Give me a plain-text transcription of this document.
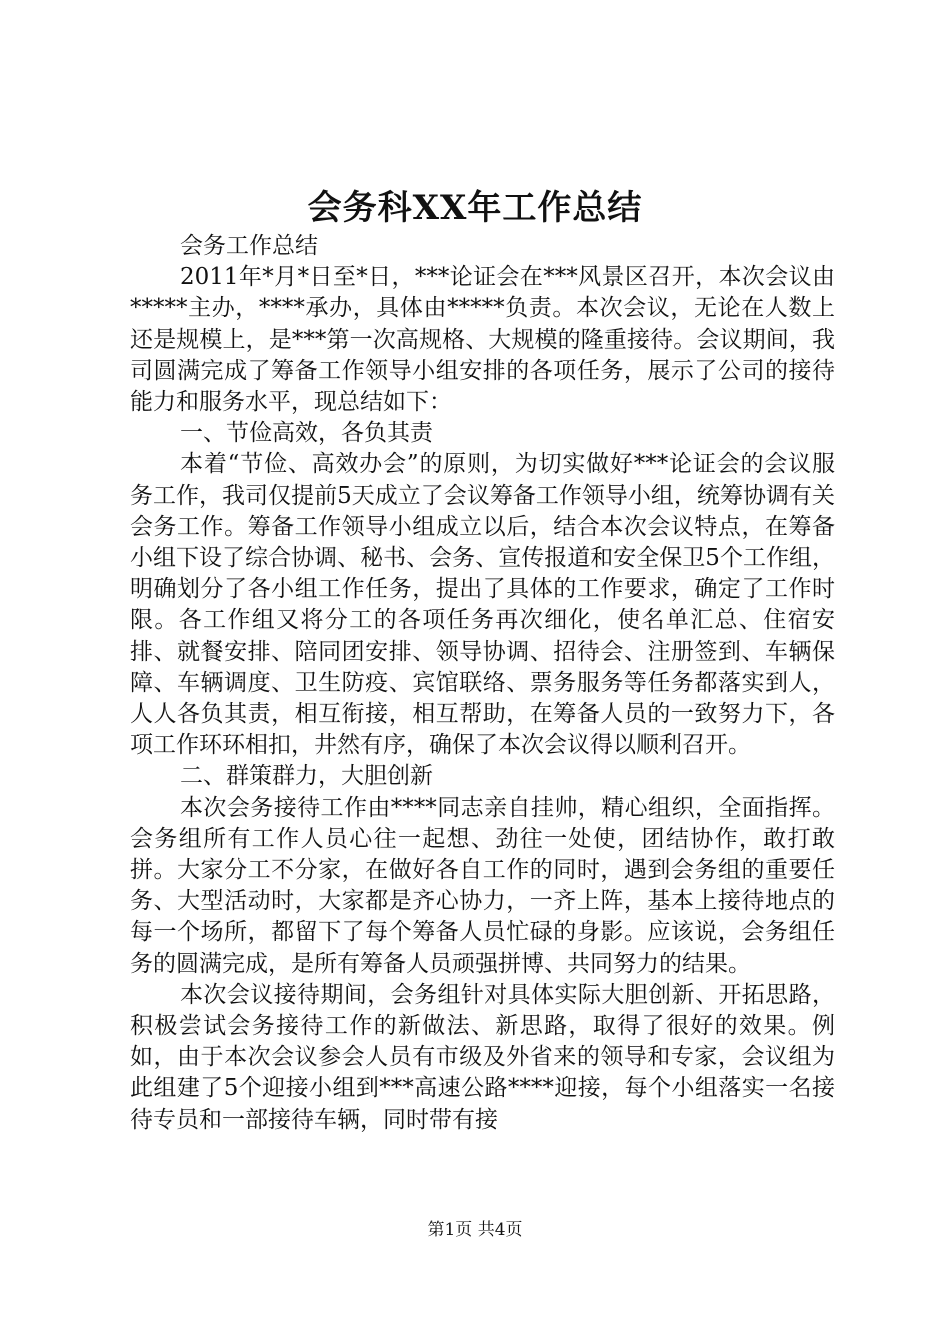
会务科XX年工作总结

会务工作总结

2011年*月*日至*日，***论证会在***风景区召开，本次会议由*****主办，****承办，具体由*****负责。本次会议，无论在人数上还是规模上，是***第一次高规格、大规模的隆重接待。会议期间，我司圆满完成了筹备工作领导小组安排的各项任务，展示了公司的接待能力和服务水平，现总结如下：

一、节俭高效，各负其责

本着“节俭、高效办会”的原则，为切实做好***论证会的会议服务工作，我司仅提前5天成立了会议筹备工作领导小组，统筹协调有关会务工作。筹备工作领导小组成立以后，结合本次会议特点，在筹备小组下设了综合协调、秘书、会务、宣传报道和安全保卫5个工作组，明确划分了各小组工作任务，提出了具体的工作要求，确定了工作时限。各工作组又将分工的各项任务再次细化，使名单汇总、住宿安排、就餐安排、陪同团安排、领导协调、招待会、注册签到、车辆保障、车辆调度、卫生防疫、宾馆联络、票务服务等任务都落实到人，人人各负其责，相互衔接，相互帮助，在筹备人员的一致努力下，各项工作环环相扣，井然有序，确保了本次会议得以顺利召开。

二、群策群力，大胆创新

本次会务接待工作由****同志亲自挂帅，精心组织，全面指挥。会务组所有工作人员心往一起想、劲往一处使，团结协作，敢打敢拼。大家分工不分家，在做好各自工作的同时，遇到会务组的重要任务、大型活动时，大家都是齐心协力，一齐上阵，基本上接待地点的每一个场所，都留下了每个筹备人员忙碌的身影。应该说，会务组任务的圆满完成，是所有筹备人员顽强拼博、共同努力的结果。

本次会议接待期间，会务组针对具体实际大胆创新、开拓思路，积极尝试会务接待工作的新做法、新思路，取得了很好的效果。例如，由于本次会议参会人员有市级及外省来的领导和专家，会议组为此组建了5个迎接小组到***高速公路****迎接，每个小组落实一名接待专员和一部接待车辆，同时带有接

第1页 共4页
